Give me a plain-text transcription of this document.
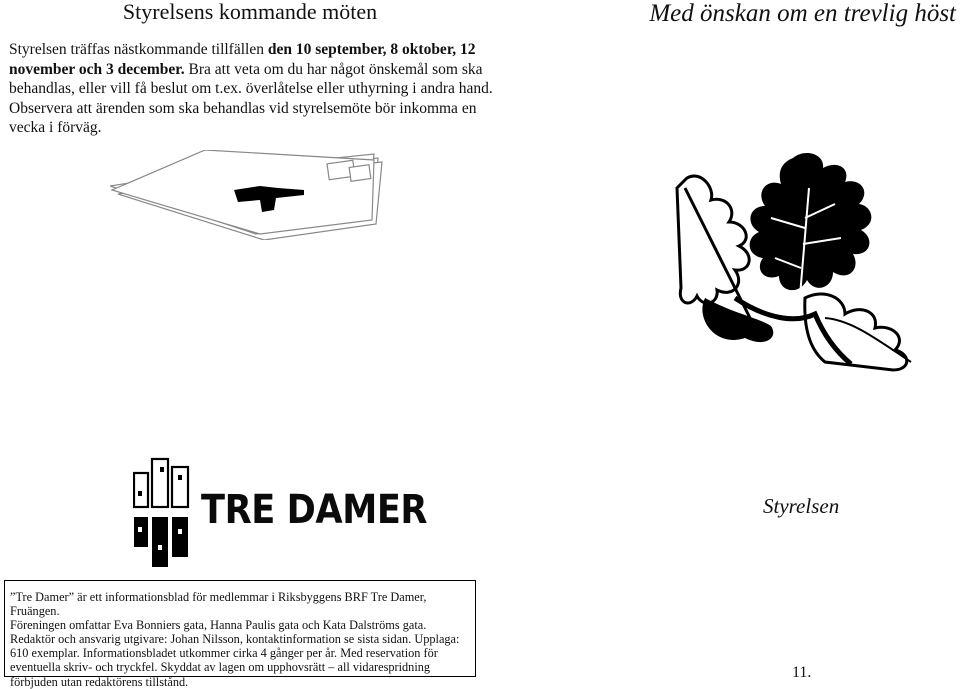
Styrelsens kommande möten	Med önskan om en trevlig höst
Styrelsen träffas nästkommande tillfällen den 10 september, 8 oktober, 12 november och 3 december. Bra att veta om du har något önskemål som ska behandlas, eller vill få beslut om t.ex. överlåtelse eller uthyrning i andra hand. Observera att ärenden som ska behandlas vid styrelsemöte bör inkomma en vecka i förväg.
TRE DAMER	Styrelsen
”Tre Damer” är ett informationsblad för medlemmar i Riksbyggens BRF Tre Damer, Fruängen.
Föreningen omfattar Eva Bonniers gata, Hanna Paulis gata och Kata Dalströms gata. Redaktör och ansvarig utgivare: Johan Nilsson, kontaktinformation se sista sidan. Upplaga: 610 exemplar. Informationsbladet utkommer cirka 4 gånger per år. Med reservation för eventuella skriv- och tryckfel. Skyddat av lagen om upphovsrätt – all vidarespridning förbjuden utan redaktörens tillstånd.
11.
